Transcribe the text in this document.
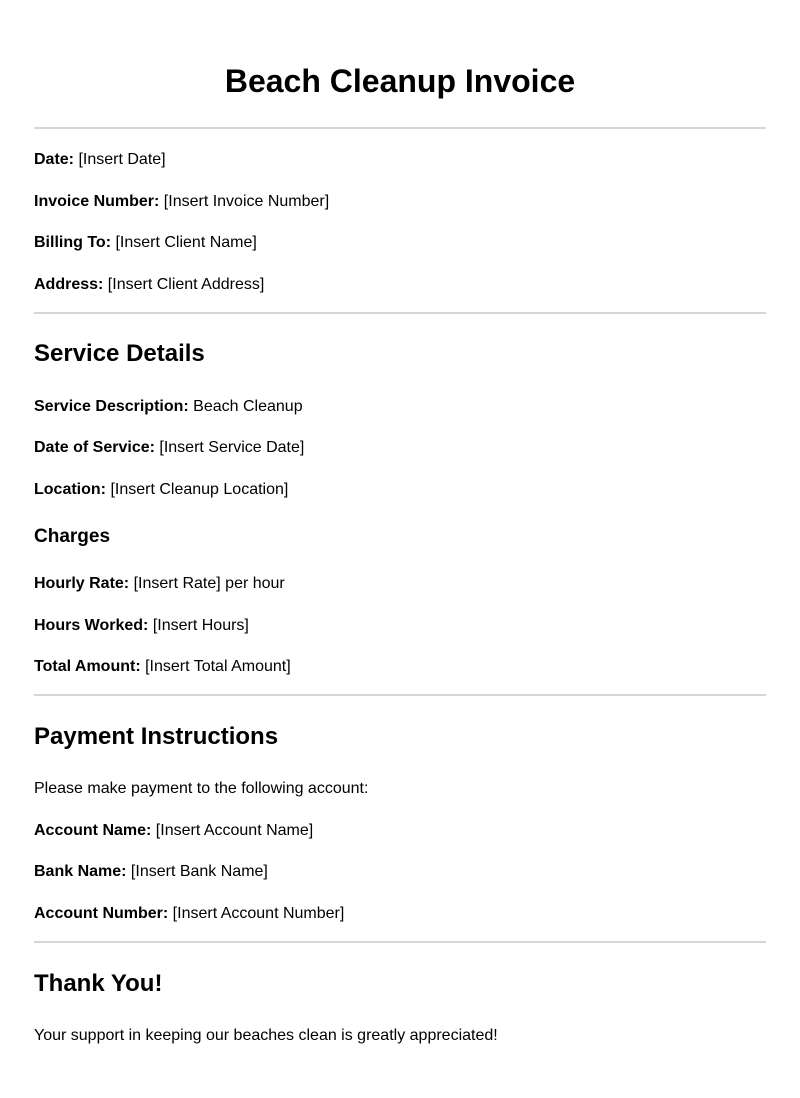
Beach Cleanup Invoice
Date: [Insert Date]
Invoice Number: [Insert Invoice Number]
Billing To: [Insert Client Name]
Address: [Insert Client Address]
Service Details
Service Description: Beach Cleanup
Date of Service: [Insert Service Date]
Location: [Insert Cleanup Location]
Charges
Hourly Rate: [Insert Rate] per hour
Hours Worked: [Insert Hours]
Total Amount: [Insert Total Amount]
Payment Instructions
Please make payment to the following account:
Account Name: [Insert Account Name]
Bank Name: [Insert Bank Name]
Account Number: [Insert Account Number]
Thank You!
Your support in keeping our beaches clean is greatly appreciated!
